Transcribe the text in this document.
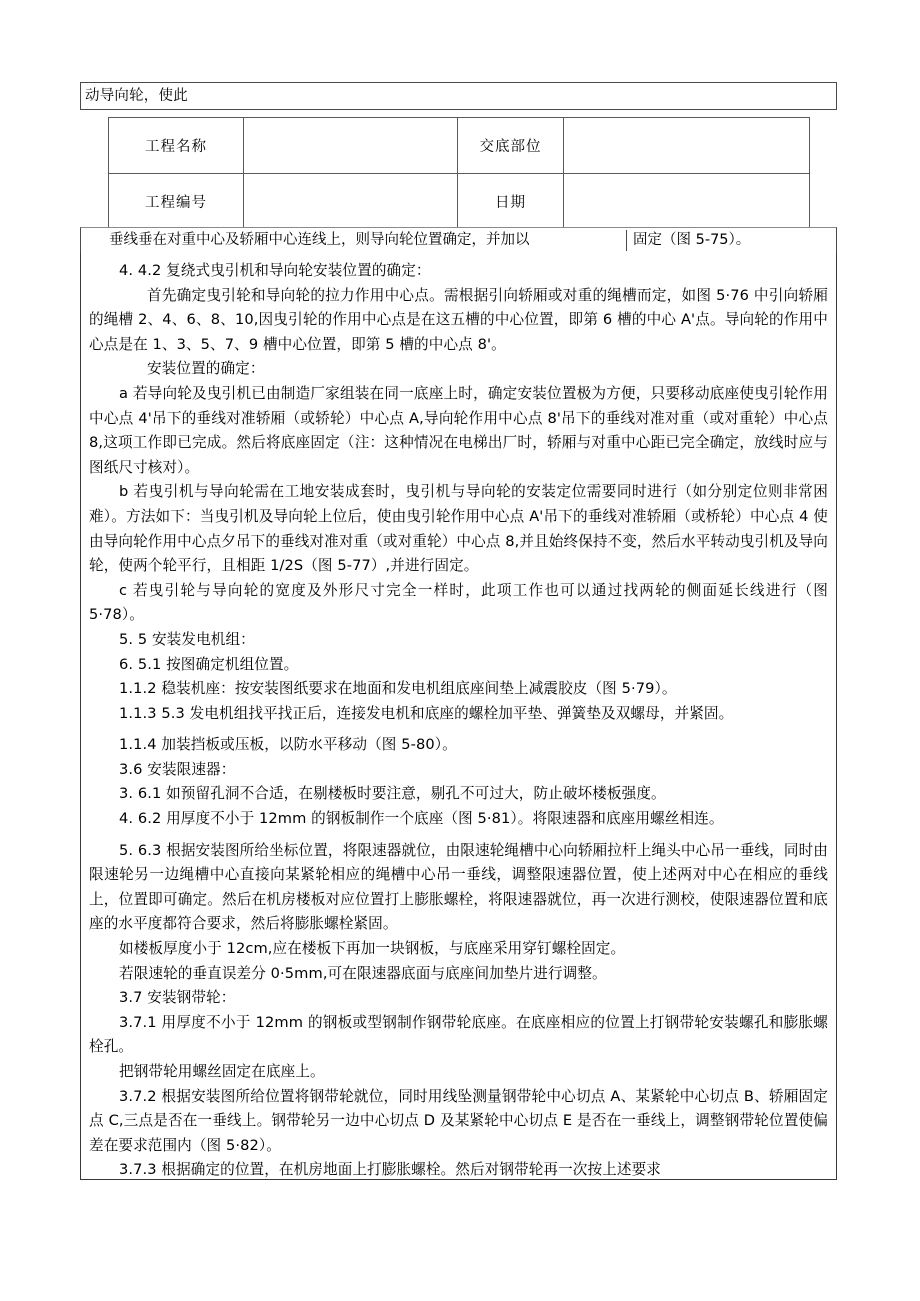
动导向轮，使此
工程名称		交底部位	
工程编号		日期	
垂线垂在对重中心及轿厢中心连线上，则导向轮位置确定，并加以	固定（图 5-75）。

4. 4.2 复绕式曳引机和导向轮安装位置的确定：

首先确定曳引轮和导向轮的拉力作用中心点。需根据引向轿厢或对重的绳槽而定，如图 5·76 中引向轿厢的绳槽 2、4、6、8、10,因曳引轮的作用中心点是在这五槽的中心位置，即第 6 槽的中心 A'点。导向轮的作用中心点是在 1、3、5、7、9 槽中心位置，即第 5 槽的中心点 8'。

安装位置的确定：

a 若导向轮及曳引机已由制造厂家组装在同一底座上时，确定安装位置极为方便，只要移动底座使曳引轮作用中心点 4'吊下的垂线对准轿厢（或轿轮）中心点 A,导向轮作用中心点 8'吊下的垂线对准对重（或对重轮）中心点 8,这项工作即已完成。然后将底座固定（注：这种情况在电梯出厂时，轿厢与对重中心距已完全确定，放线时应与图纸尺寸核对）。

b 若曳引机与导向轮需在工地安装成套时，曳引机与导向轮的安装定位需要同时进行（如分别定位则非常困难）。方法如下：当曳引机及导向轮上位后，使由曳引轮作用中心点 A'吊下的垂线对准轿厢（或桥轮）中心点 4 使由导向轮作用中心点夕吊下的垂线对准对重（或对重轮）中心点 8,并且始终保持不变，然后水平转动曳引机及导向轮，使两个轮平行，且相距 1/2S（图 5-77）,并进行固定。

c 若曳引轮与导向轮的宽度及外形尺寸完全一样时，此项工作也可以通过找两轮的侧面延长线进行（图 5·78）。

5. 5 安装发电机组：

6. 5.1 按图确定机组位置。

1.1.2 稳装机座：按安装图纸要求在地面和发电机组底座间垫上减震胶皮（图 5·79）。

1.1.3 5.3 发电机组找平找正后，连接发电机和底座的螺栓加平垫、弹簧垫及双螺母，并紧固。

1.1.4 加装挡板或压板，以防水平移动（图 5-80）。

3.6 安装限速器：

3. 6.1 如预留孔洞不合适，在剔楼板时要注意，剔孔不可过大，防止破坏楼板强度。

4. 6.2 用厚度不小于 12mm 的钢板制作一个底座（图 5·81）。将限速器和底座用螺丝相连。

5. 6.3 根据安装图所给坐标位置，将限速器就位，由限速轮绳槽中心向轿厢拉杆上绳头中心吊一垂线，同时由限速轮另一边绳槽中心直接向某紧轮相应的绳槽中心吊一垂线，调整限速器位置，使上述两对中心在相应的垂线上，位置即可确定。然后在机房楼板对应位置打上膨胀螺栓，将限速器就位，再一次进行测校，使限速器位置和底座的水平度都符合要求，然后将膨胀螺栓紧固。

如楼板厚度小于 12cm,应在楼板下再加一块钢板，与底座采用穿钉螺栓固定。

若限速轮的垂直误差分 0·5mm,可在限速器底面与底座间加垫片进行调整。

3.7 安装钢带轮：

3.7.1 用厚度不小于 12mm 的钢板或型钢制作钢带轮底座。在底座相应的位置上打钢带轮安装螺孔和膨胀螺栓孔。

把钢带轮用螺丝固定在底座上。

3.7.2 根据安装图所给位置将钢带轮就位，同时用线坠测量钢带轮中心切点 A、某紧轮中心切点 B、轿厢固定点 C,三点是否在一垂线上。钢带轮另一边中心切点 D 及某紧轮中心切点 E 是否在一垂线上，调整钢带轮位置使偏差在要求范围内（图 5·82）。

3.7.3 根据确定的位置，在机房地面上打膨胀螺栓。然后对钢带轮再一次按上述要求
